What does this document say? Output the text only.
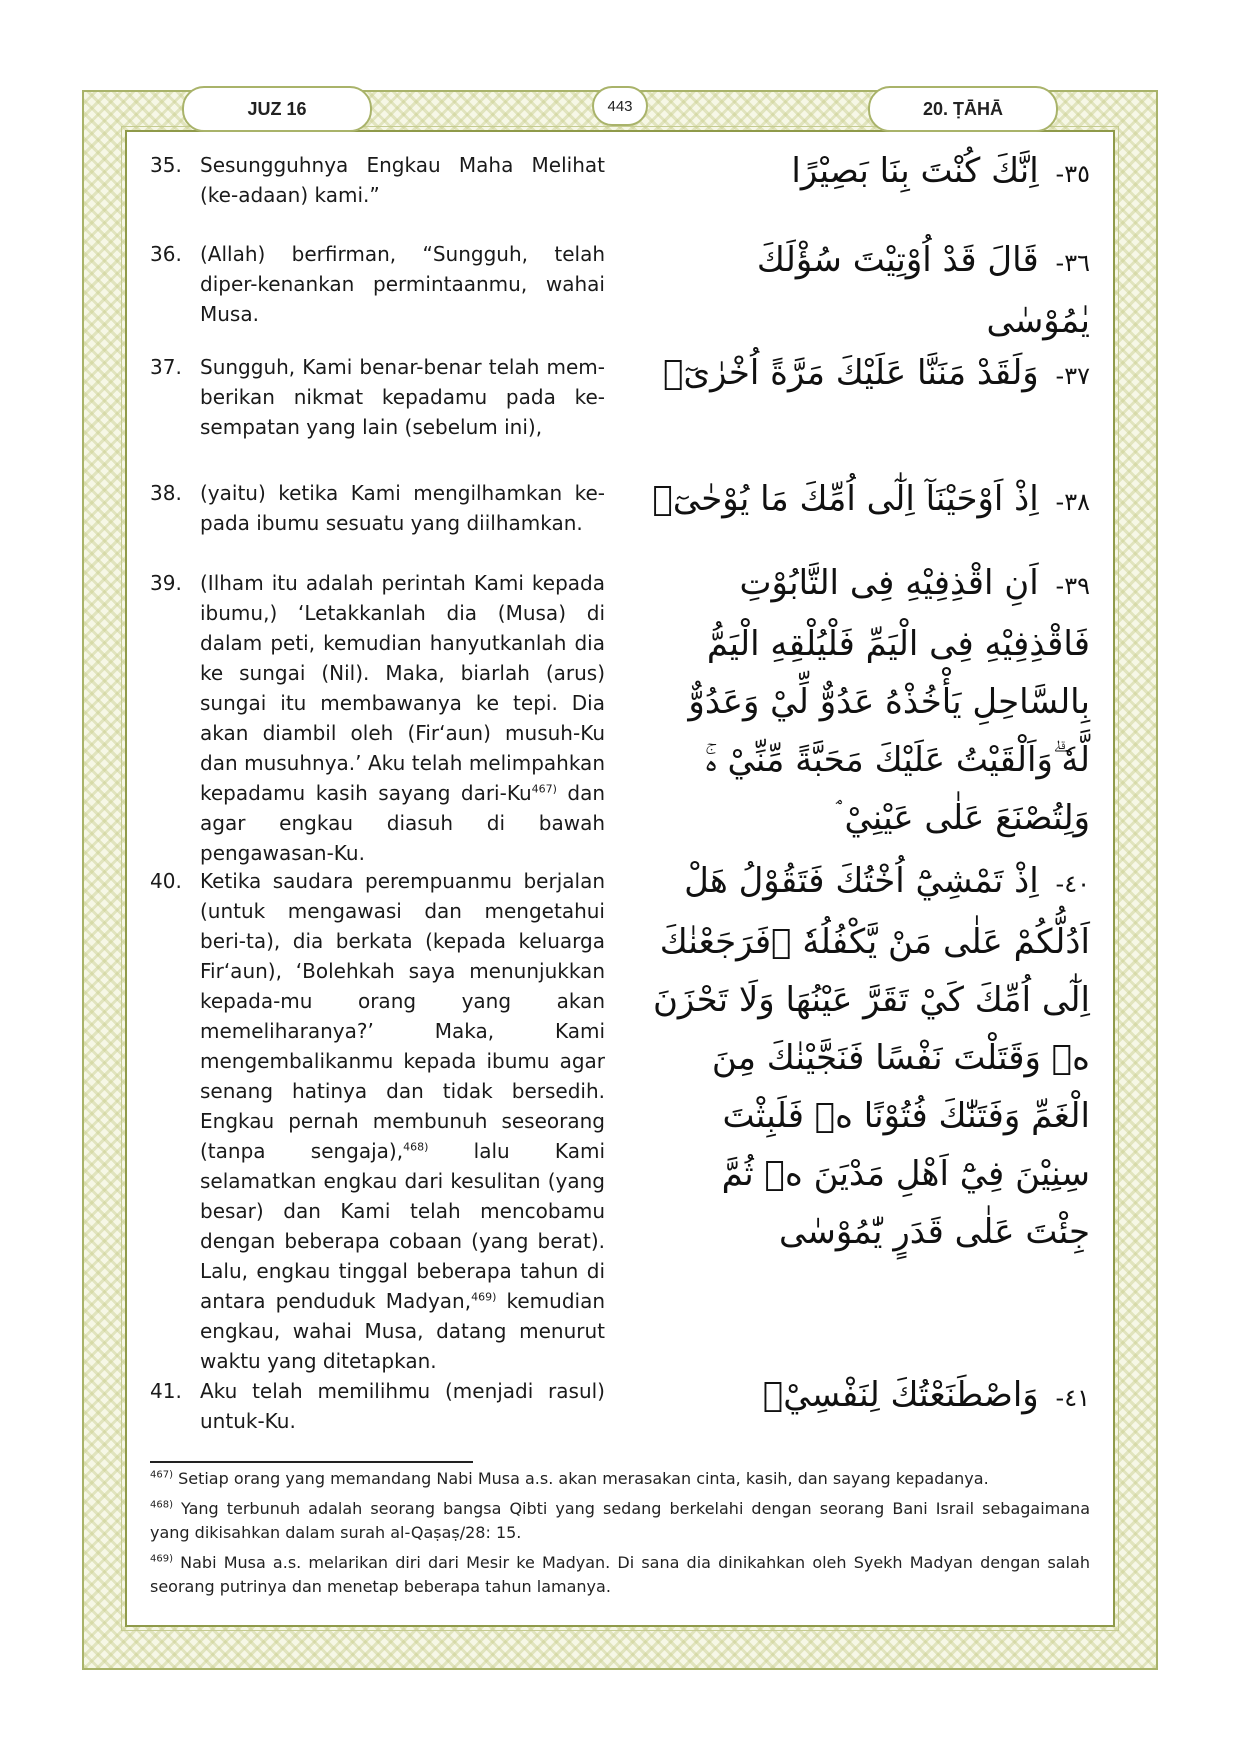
JUZ 16	443	20. ṬĀHĀ
35. Sesungguhnya Engkau Maha Melihat (ke-adaan) kami.”
٣٥- اِنَّكَ كُنْتَ بِنَا بَصِيْرًا
36. (Allah) berfirman, “Sungguh, telah diper-kenankan permintaanmu, wahai Musa.
٣٦- قَالَ قَدْ اُوْتِيْتَ سُؤْلَكَ يٰمُوْسٰى
37. Sungguh, Kami benar-benar telah mem-berikan nikmat kepadamu pada ke-sempatan yang lain (sebelum ini),
٣٧- وَلَقَدْ مَنَنَّا عَلَيْكَ مَرَّةً اُخْرٰىٓۙ
38. (yaitu) ketika Kami mengilhamkan ke-pada ibumu sesuatu yang diilhamkan.
٣٨- اِذْ اَوْحَيْنَآ اِلٰٓى اُمِّكَ مَا يُوْحٰىٓۙ
39. (Ilham itu adalah perintah Kami kepada ibumu,) ‘Letakkanlah dia (Musa) di dalam peti, kemudian hanyutkanlah dia ke sungai (Nil). Maka, biarlah (arus) sungai itu membawanya ke tepi. Dia akan diambil oleh (Fir‘aun) musuh-Ku dan musuhnya.’ Aku telah melimpahkan kepadamu kasih sayang dari-Ku$^{467)}$ dan agar engkau diasuh di bawah pengawasan-Ku.
٣٩- اَنِ اقْذِفِيْهِ فِى التَّابُوْتِ فَاقْذِفِيْهِ فِى الْيَمِّ فَلْيُلْقِهِ الْيَمُّ بِالسَّاحِلِ يَأْخُذْهُ عَدُوٌّ لِّيْ وَعَدُوٌّ لَّهٗ ۗوَاَلْقَيْتُ عَلَيْكَ مَحَبَّةً مِّنِّيْ ەۚ وَلِتُصْنَعَ عَلٰى عَيْنِيْ ۘ
40. Ketika saudara perempuanmu berjalan (untuk mengawasi dan mengetahui beri-ta), dia berkata (kepada keluarga Fir‘aun), ‘Bolehkah saya menunjukkan kepada-mu orang yang akan memeliharanya?’ Maka, Kami mengembalikanmu kepada ibumu agar senang hatinya dan tidak bersedih. Engkau pernah membunuh seseorang (tanpa sengaja),$^{468)}$ lalu Kami selamatkan engkau dari kesulitan (yang besar) dan Kami telah mencobamu dengan beberapa cobaan (yang berat). Lalu, engkau tinggal beberapa tahun di antara penduduk Madyan,$^{469)}$ kemudian engkau, wahai Musa, datang menurut waktu yang ditetapkan.
٤٠- اِذْ تَمْشِيْٓ اُخْتُكَ فَتَقُوْلُ هَلْ اَدُلُّكُمْ عَلٰى مَنْ يَّكْفُلُهٗ ۗفَرَجَعْنٰكَ اِلٰٓى اُمِّكَ كَيْ تَقَرَّ عَيْنُهَا وَلَا تَحْزَنَ ەۗ وَقَتَلْتَ نَفْسًا فَنَجَّيْنٰكَ مِنَ الْغَمِّ وَفَتَنّٰكَ فُتُوْنًا ەۗ فَلَبِثْتَ سِنِيْنَ فِيْٓ اَهْلِ مَدْيَنَ ەۙ ثُمَّ جِئْتَ عَلٰى قَدَرٍ يّٰمُوْسٰى
41. Aku telah memilihmu (menjadi rasul) untuk-Ku.
٤١- وَاصْطَنَعْتُكَ لِنَفْسِيْۚ
$^{467)}$ Setiap orang yang memandang Nabi Musa a.s. akan merasakan cinta, kasih, dan sayang kepadanya.
$^{468)}$ Yang terbunuh adalah seorang bangsa Qibti yang sedang berkelahi dengan seorang Bani Israil sebagaimana yang dikisahkan dalam surah al-Qaṣaṣ/28: 15.
$^{469)}$ Nabi Musa a.s. melarikan diri dari Mesir ke Madyan. Di sana dia dinikahkan oleh Syekh Madyan dengan salah seorang putrinya dan menetap beberapa tahun lamanya.
